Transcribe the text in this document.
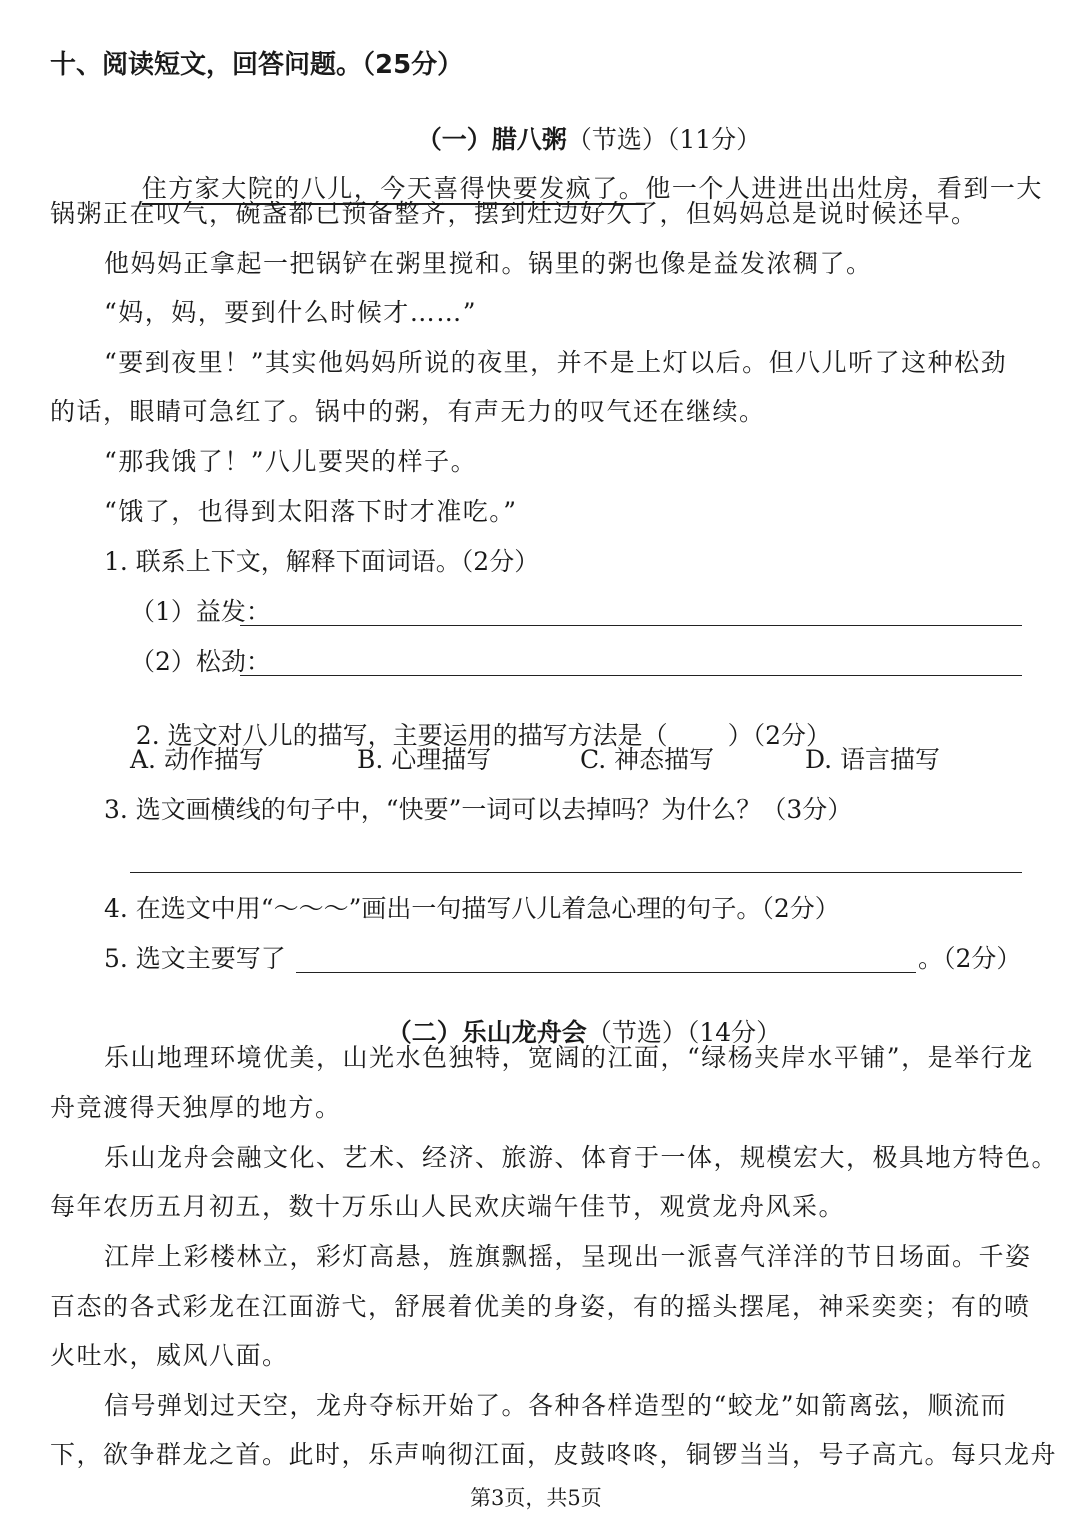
十、阅读短文，回答问题。（25分）

（一）腊八粥（节选）（11分）

住方家大院的八儿，今天喜得快要发疯了。他一个人进进出出灶房，看到一大

锅粥正在叹气，碗盏都已预备整齐，摆到灶边好久了，但妈妈总是说时候还早。
他妈妈正拿起一把锅铲在粥里搅和。锅里的粥也像是益发浓稠了。
“妈，妈，要到什么时候才……”
“要到夜里！”其实他妈妈所说的夜里，并不是上灯以后。但八儿听了这种松劲
的话，眼睛可急红了。锅中的粥，有声无力的叹气还在继续。
“那我饿了！”八儿要哭的样子。
“饿了，也得到太阳落下时才准吃。”
1. 联系上下文，解释下面词语。（2分）
（1）益发：
（2）松劲：

2. 选文对八儿的描写，主要运用的描写方法是（ ）（2分）

A. 动作描写	B. 心理描写	C. 神态描写	D. 语言描写
3. 选文画横线的句子中，“快要”一词可以去掉吗？为什么？（3分）
4. 在选文中用“～～～”画出一句描写八儿着急心理的句子。（2分）
5. 选文主要写了	。（2分）

（二）乐山龙舟会（节选）（14分）

乐山地理环境优美，山光水色独特，宽阔的江面，“绿杨夹岸水平铺”，是举行龙
舟竞渡得天独厚的地方。
乐山龙舟会融文化、艺术、经济、旅游、体育于一体，规模宏大，极具地方特色。
每年农历五月初五，数十万乐山人民欢庆端午佳节，观赏龙舟风采。
江岸上彩楼林立，彩灯高悬，旌旗飘摇，呈现出一派喜气洋洋的节日场面。千姿
百态的各式彩龙在江面游弋，舒展着优美的身姿，有的摇头摆尾，神采奕奕；有的喷
火吐水，威风八面。
信号弹划过天空，龙舟夺标开始了。各种各样造型的“蛟龙”如箭离弦，顺流而
下，欲争群龙之首。此时，乐声响彻江面，皮鼓咚咚，铜锣当当，号子高亢。每只龙舟
第3页，共5页
